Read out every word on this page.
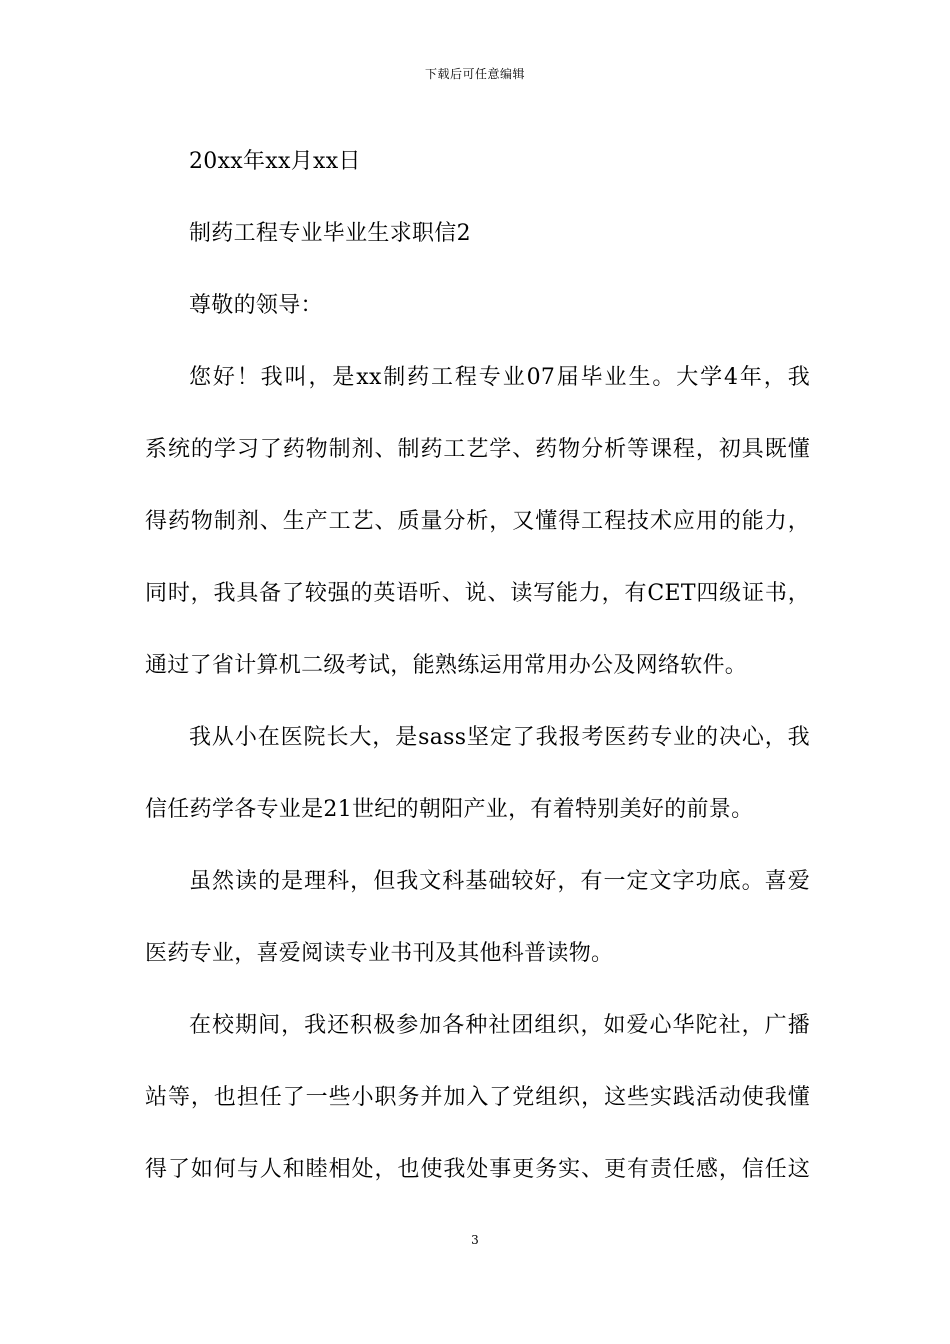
下载后可任意编辑
20xx年xx月xx日
制药工程专业毕业生求职信2
尊敬的领导：
您好！我叫，是xx制药工程专业07届毕业生。大学4年，我
系统的学习了药物制剂、制药工艺学、药物分析等课程，初具既懂
得药物制剂、生产工艺、质量分析，又懂得工程技术应用的能力，
同时，我具备了较强的英语听、说、读写能力，有CET四级证书，
通过了省计算机二级考试，能熟练运用常用办公及网络软件。
我从小在医院长大，是sass坚定了我报考医药专业的决心，我
信任药学各专业是21世纪的朝阳产业，有着特别美好的前景。
虽然读的是理科，但我文科基础较好，有一定文字功底。喜爱
医药专业，喜爱阅读专业书刊及其他科普读物。
在校期间，我还积极参加各种社团组织，如爱心华陀社，广播
站等，也担任了一些小职务并加入了党组织，这些实践活动使我懂
得了如何与人和睦相处，也使我处事更务实、更有责任感，信任这
3
